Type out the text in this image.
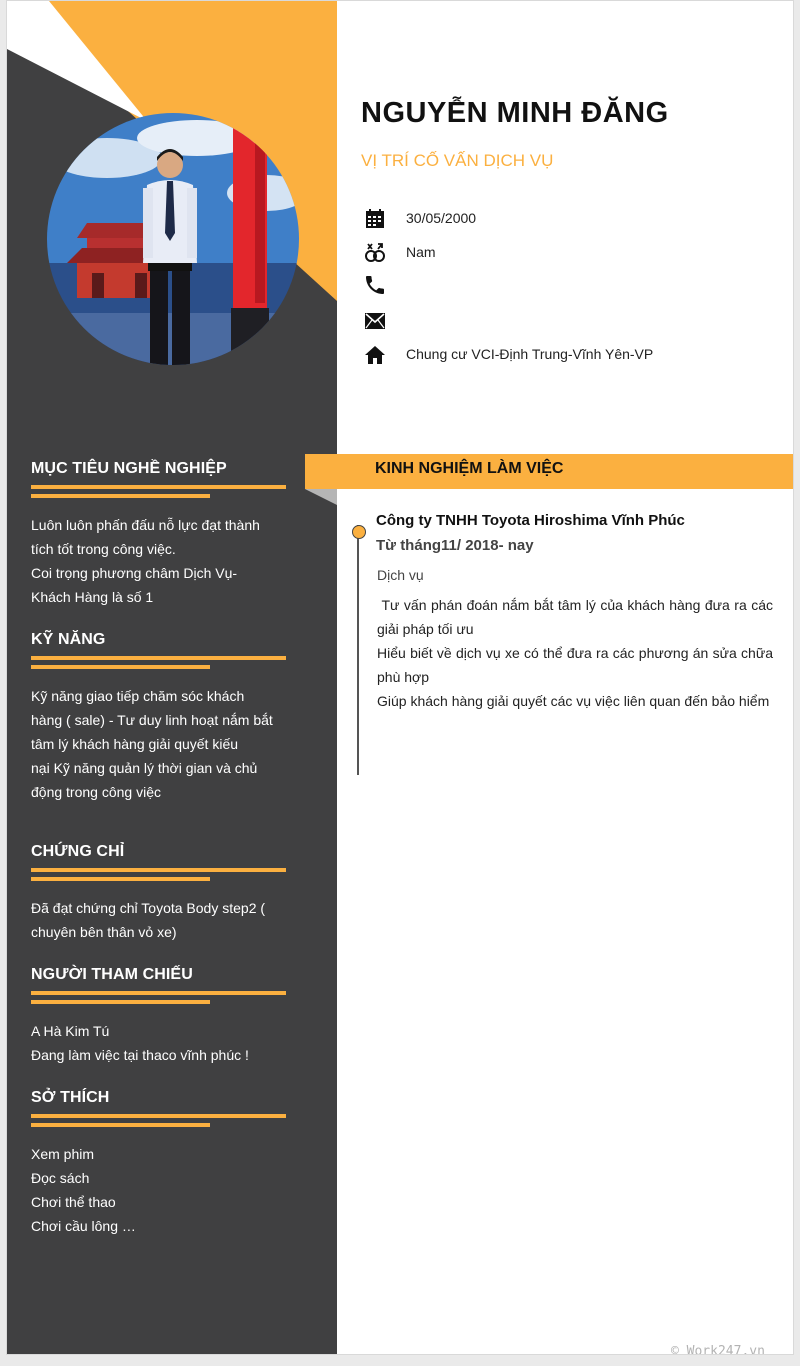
MỤC TIÊU NGHỀ NGHIỆP
Luôn luôn phấn đấu nỗ lực đạt thành
tích tốt trong công việc.
Coi trọng phương châm Dịch Vụ-
Khách Hàng là số 1
KỸ NĂNG
Kỹ năng giao tiếp chăm sóc khách
hàng ( sale) - Tư duy linh hoạt nắm bắt
tâm lý khách hàng giải quyết kiếu
nại Kỹ năng quản lý thời gian và chủ
động trong công việc
CHỨNG CHỈ
Đã đạt chứng chỉ Toyota Body step2 (
chuyên bên thân vỏ xe)
NGƯỜI THAM CHIẾU
A Hà Kim Tú
Đang làm việc tại thaco vĩnh phúc !
SỞ THÍCH
Xem phim
Đọc sách
Chơi thể thao
Chơi cầu lông …
NGUYỄN MINH ĐĂNG
VỊ TRÍ CỐ VẤN DỊCH VỤ
30/05/2000
Nam
Chung cư VCI-Định Trung-Vĩnh Yên-VP
KINH NGHIỆM LÀM VIỆC
Công ty TNHH Toyota Hiroshima Vĩnh Phúc
Từ tháng11/ 2018- nay
Dịch vụ
Tư vấn phán đoán nắm bắt tâm lý của khách hàng đưa ra các giải pháp tối ưu
Hiểu biết về dịch vụ xe có thể đưa ra các phương án sửa chữa phù hợp
Giúp khách hàng giải quyết các vụ việc liên quan đến bảo hiểm
© Work247.vn
